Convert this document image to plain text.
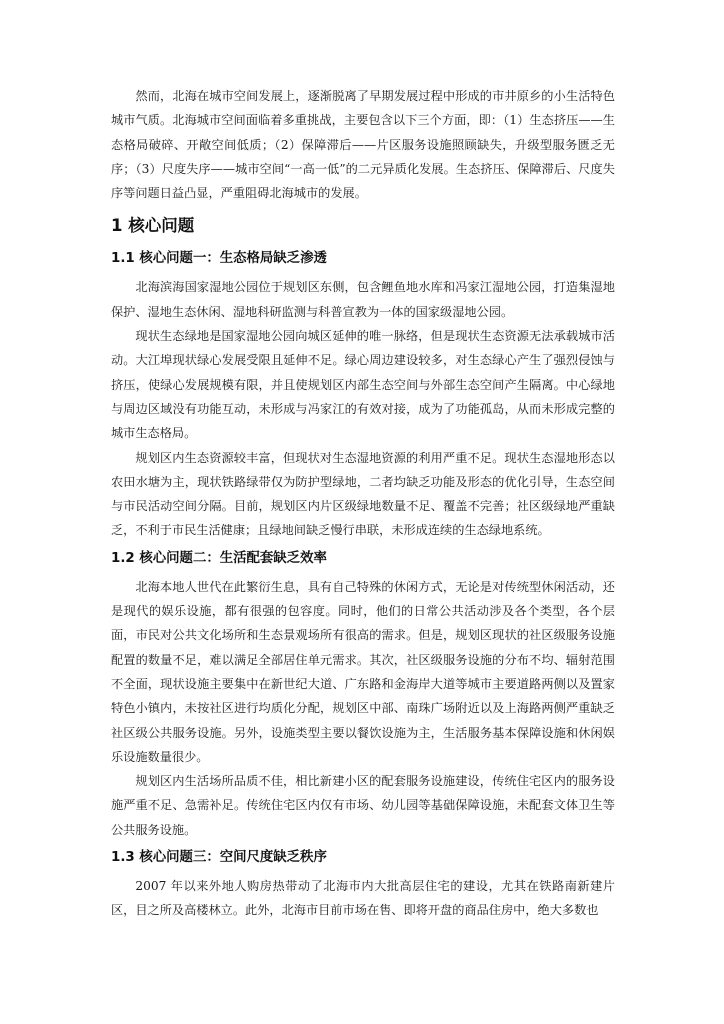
然而，北海在城市空间发展上，逐渐脱离了早期发展过程中形成的市井原乡的小生活特色城市气质。北海城市空间面临着多重挑战，主要包含以下三个方面，即：（1）生态挤压——生态格局破碎、开敞空间低质；（2）保障滞后——片区服务设施照顾缺失，升级型服务匮乏无序；（3）尺度失序——城市空间“一高一低”的二元异质化发展。生态挤压、保障滞后、尺度失序等问题日益凸显，严重阻碍北海城市的发展。

1 核心问题
1.1 核心问题一：生态格局缺乏渗透

北海滨海国家湿地公园位于规划区东侧，包含鲤鱼地水库和冯家江湿地公园，打造集湿地保护、湿地生态休闲、湿地科研监测与科普宣教为一体的国家级湿地公园。

现状生态绿地是国家湿地公园向城区延伸的唯一脉络，但是现状生态资源无法承载城市活动。大江埠现状绿心发展受限且延伸不足。绿心周边建设较多，对生态绿心产生了强烈侵蚀与挤压，使绿心发展规模有限，并且使规划区内部生态空间与外部生态空间产生隔离。中心绿地与周边区域没有功能互动，未形成与冯家江的有效对接，成为了功能孤岛，从而未形成完整的城市生态格局。

规划区内生态资源较丰富，但现状对生态湿地资源的利用严重不足。现状生态湿地形态以农田水塘为主，现状铁路绿带仅为防护型绿地，二者均缺乏功能及形态的优化引导，生态空间与市民活动空间分隔。目前，规划区内片区级绿地数量不足、覆盖不完善；社区级绿地严重缺乏，不利于市民生活健康；且绿地间缺乏慢行串联，未形成连续的生态绿地系统。

1.2 核心问题二：生活配套缺乏效率

北海本地人世代在此繁衍生息，具有自己特殊的休闲方式，无论是对传统型休闲活动，还是现代的娱乐设施，都有很强的包容度。同时，他们的日常公共活动涉及各个类型，各个层面，市民对公共文化场所和生态景观场所有很高的需求。但是，规划区现状的社区级服务设施配置的数量不足，难以满足全部居住单元需求。其次，社区级服务设施的分布不均、辐射范围不全面，现状设施主要集中在新世纪大道、广东路和金海岸大道等城市主要道路两侧以及置家特色小镇内，未按社区进行均质化分配，规划区中部、南珠广场附近以及上海路两侧严重缺乏社区级公共服务设施。另外，设施类型主要以餐饮设施为主，生活服务基本保障设施和休闲娱乐设施数量很少。

规划区内生活场所品质不佳，相比新建小区的配套服务设施建设，传统住宅区内的服务设施严重不足、急需补足。传统住宅区内仅有市场、幼儿园等基础保障设施，未配套文体卫生等公共服务设施。

1.3 核心问题三：空间尺度缺乏秩序

2007 年以来外地人购房热带动了北海市内大批高层住宅的建设，尤其在铁路南新建片区，目之所及高楼林立。此外，北海市目前市场在售、即将开盘的商品住房中，绝大多数也
